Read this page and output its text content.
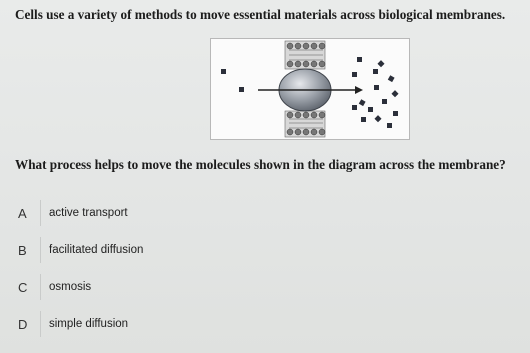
Cells use a variety of methods to move essential materials across biological membranes.
What process helps to move the molecules shown in the diagram across the membrane?
A	active transport
B	facilitated diffusion
C	osmosis
D	simple diffusion
